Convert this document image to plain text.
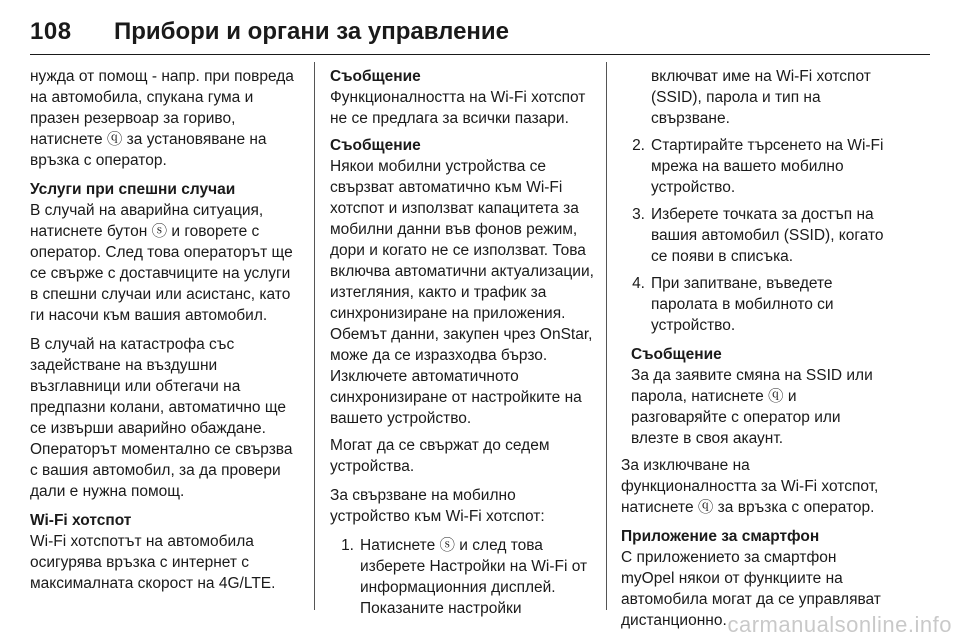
108 Прибори и органи за управление

нужда от помощ - напр. при повреда на автомобила, спукана гума и празен резервоар за гориво, натиснете ⓠ за установяване на връзка с оператор.

Услуги при спешни случаи

В случай на аварийна ситуация, натиснете бутон ⓢ и говорете с оператор. След това операторът ще се свърже с доставчиците на услуги в спешни случаи или асистанс, като ги насочи към вашия автомобил.

В случай на катастрофа със задействане на въздушни възглавници или обтегачи на предпазни колани, автоматично ще се извърши аварийно обаждане. Операторът моментално се свързва с вашия автомобил, за да провери дали е нужна помощ.

Wi-Fi хотспот

Wi-Fi хотспотът на автомобила осигурява връзка с интернет с максималната скорост на 4G/LTE.

Съобщение

Функционалността на Wi-Fi хотспот не се предлага за всички пазари.

Съобщение

Някои мобилни устройства се свързват автоматично към Wi-Fi хотспот и използват капацитета за мобилни данни във фонов режим, дори и когато не се използват. Това включва автоматични актуализации, изтегляния, както и трафик за синхронизиране на приложения. Обемът данни, закупен чрез OnStar, може да се изразходва бързо. Изключете автоматичното синхронизиране от настройките на вашето устройство.

Могат да се свържат до седем устройства.

За свързване на мобилно устройство към Wi-Fi хотспот:

1. Натиснете ⓢ и след това изберете Настройки на Wi-Fi от информационния дисплей. Показаните настройки
включват име на Wi-Fi хотспот (SSID), парола и тип на свързване.
2. Стартирайте търсенето на Wi-Fi мрежа на вашето мобилно устройство.
3. Изберете точката за достъп на вашия автомобил (SSID), когато се появи в списъка.
4. При запитване, въведете паролата в мобилното си устройство.
Съобщение

За да заявите смяна на SSID или парола, натиснете ⓠ и разговаряйте с оператор или влезте в своя акаунт.

За изключване на функционалността за Wi-Fi хотспот, натиснете ⓠ за връзка с оператор.

Приложение за смартфон

С приложението за смартфон myOpel някои от функциите на автомобила могат да се управляват дистанционно. carmanualsonline.info
